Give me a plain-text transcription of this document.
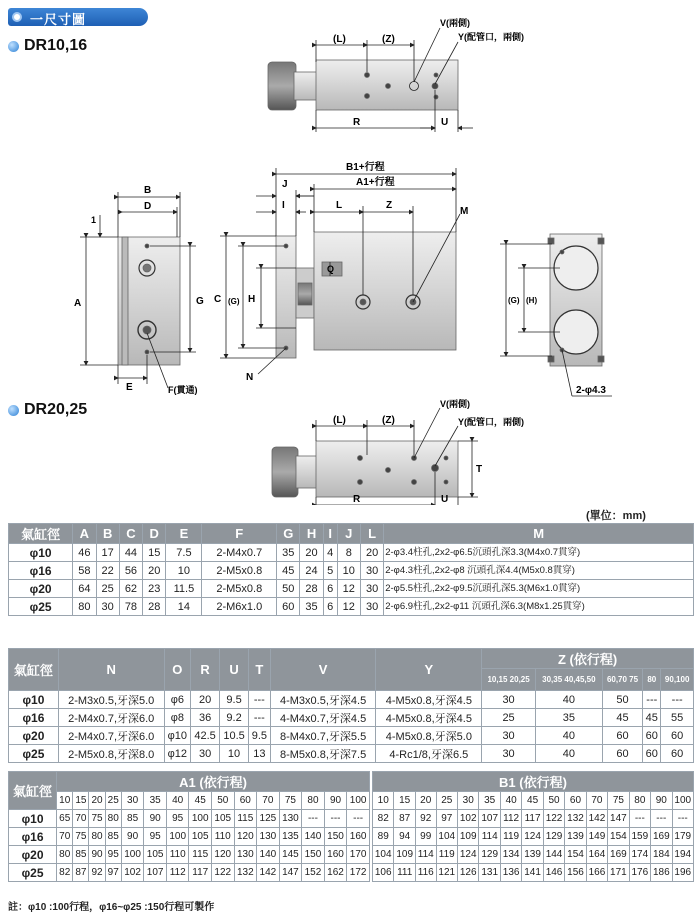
一尺寸圖
DR10,16
DR20,25
(L)	(Z)
R	U
V(兩側)
Y(配管口，兩側)
B
D
1
A	G
E	F(貫通)
B1+行程
A1+行程
J
I	L	Z
M
C (G) H
Q
N
(G) (H)
2-φ4.3
(L)	(Z)
R	U
T
V(兩側)
Y(配管口，兩側)
(單位：mm)
氣缸徑	A	B	C	D	E	F	G	H	I	J	L	M
φ10	46	17	44	15	7.5	2-M4x0.7	35	20	4	8	20	2-φ3.4柱孔,2x2-φ6.5沉頭孔深3.3(M4x0.7貫穿)
φ16	58	22	56	20	10	2-M5x0.8	45	24	5	10	30	2-φ4.3柱孔,2x2-φ8 沉頭孔深4.4(M5x0.8貫穿)
φ20	64	25	62	23	11.5	2-M5x0.8	50	28	6	12	30	2-φ5.5柱孔,2x2-φ9.5沉頭孔深5.3(M6x1.0貫穿)
φ25	80	30	78	28	14	2-M6x1.0	60	35	6	12	30	2-φ6.9柱孔,2x2-φ11 沉頭孔深6.3(M8x1.25貫穿)
氣缸徑	N	O	R	U	T	V	Y	Z (依行程)				
								10,15 20,25	30,35 40,45,50	60,70 75	80	90,100
φ10	2-M3x0.5,牙深5.0	φ6	20	9.5	---	4-M3x0.5,牙深4.5	4-M5x0.8,牙深4.5	30	40	50	---	---
φ16	2-M4x0.7,牙深6.0	φ8	36	9.2	---	4-M4x0.7,牙深4.5	4-M5x0.8,牙深4.5	25	35	45	45	55
φ20	2-M4x0.7,牙深6.0	φ10	42.5	10.5	9.5	8-M4x0.7,牙深5.5	4-M5x0.8,牙深5.0	30	40	60	60	60
φ25	2-M5x0.8,牙深8.0	φ12	30	10	13	8-M5x0.8,牙深7.5	4-Rc1/8,牙深6.5	30	40	60	60	60
氣缸徑	A1 (依行程)														
	10	15	20	25	30	35	40	45	50	60	70	75	80	90	100
φ10	65	70	75	80	85	90	95	100	105	115	125	130	---	---	---
φ16	70	75	80	85	90	95	100	105	110	120	130	135	140	150	160
φ20	80	85	90	95	100	105	110	115	120	130	140	145	150	160	170
φ25	82	87	92	97	102	107	112	117	122	132	142	147	152	162	172
B1 (依行程)														
10	15	20	25	30	35	40	45	50	60	70	75	80	90	100
82	87	92	97	102	107	112	117	122	132	142	147	---	---	---
89	94	99	104	109	114	119	124	129	139	149	154	159	169	179
104	109	114	119	124	129	134	139	144	154	164	169	174	184	194
106	111	116	121	126	131	136	141	146	156	166	171	176	186	196
註：φ10 :100行程，φ16~φ25 :150行程可製作
